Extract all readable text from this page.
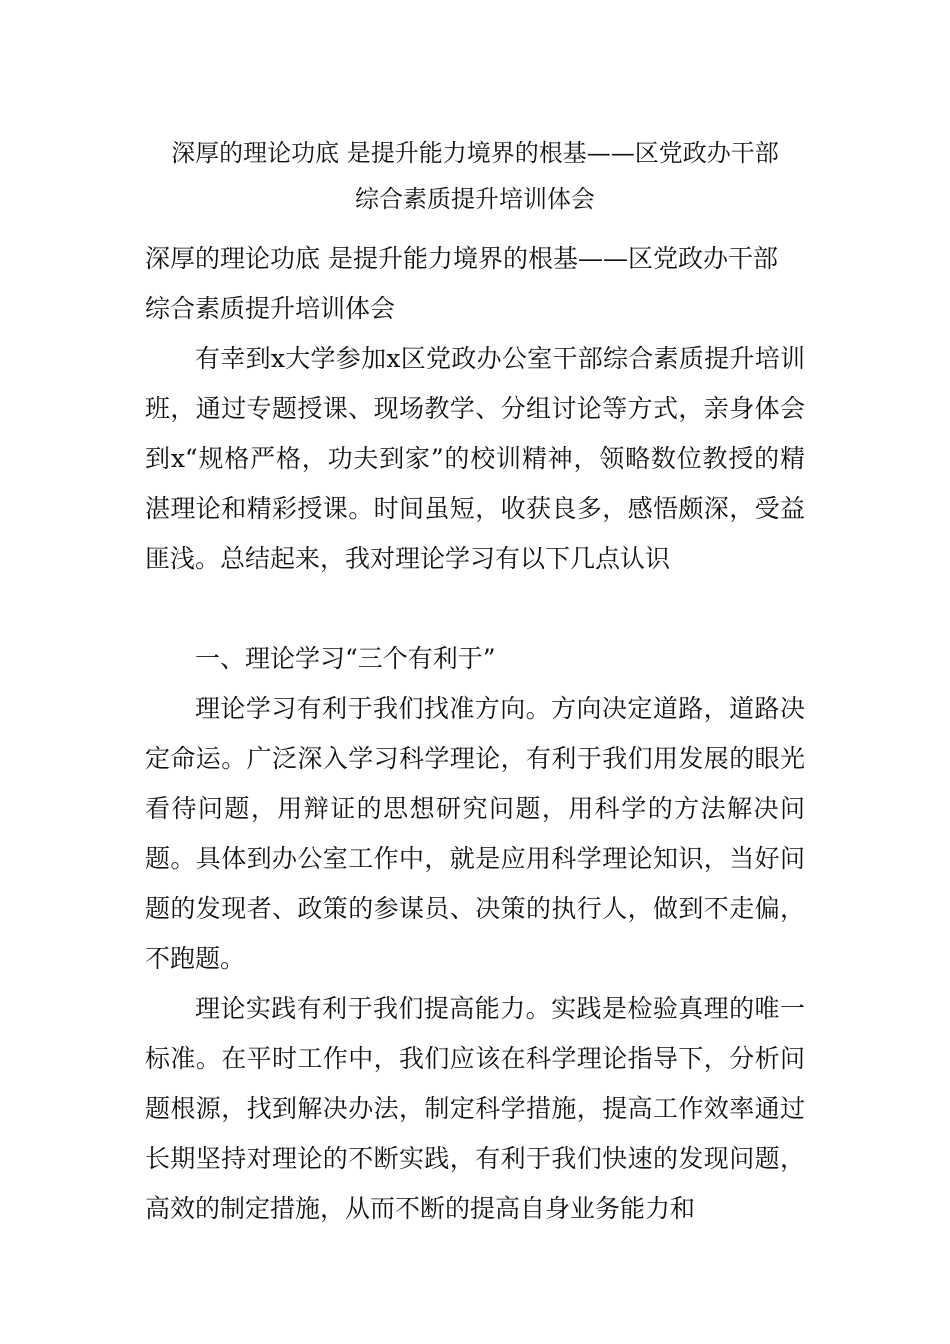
深厚的理论功底 是提升能力境界的根基——区党政办干部
综合素质提升培训体会

深厚的理论功底 是提升能力境界的根基——区党政办干部
综合素质提升培训体会

有幸到x大学参加x区党政办公室干部综合素质提升培训班，通过专题授课、现场教学、分组讨论等方式，亲身体会到x“规格严格，功夫到家”的校训精神，领略数位教授的精湛理论和精彩授课。时间虽短，收获良多，感悟颇深，受益匪浅。总结起来，我对理论学习有以下几点认识

一、理论学习“三个有利于”

理论学习有利于我们找准方向。方向决定道路，道路决定命运。广泛深入学习科学理论，有利于我们用发展的眼光看待问题，用辩证的思想研究问题，用科学的方法解决问题。具体到办公室工作中，就是应用科学理论知识，当好问题的发现者、政策的参谋员、决策的执行人，做到不走偏，不跑题。

理论实践有利于我们提高能力。实践是检验真理的唯一标准。在平时工作中，我们应该在科学理论指导下，分析问题根源，找到解决办法，制定科学措施，提高工作效率通过长期坚持对理论的不断实践，有利于我们快速的发现问题，高效的制定措施，从而不断的提高自身业务能力和
